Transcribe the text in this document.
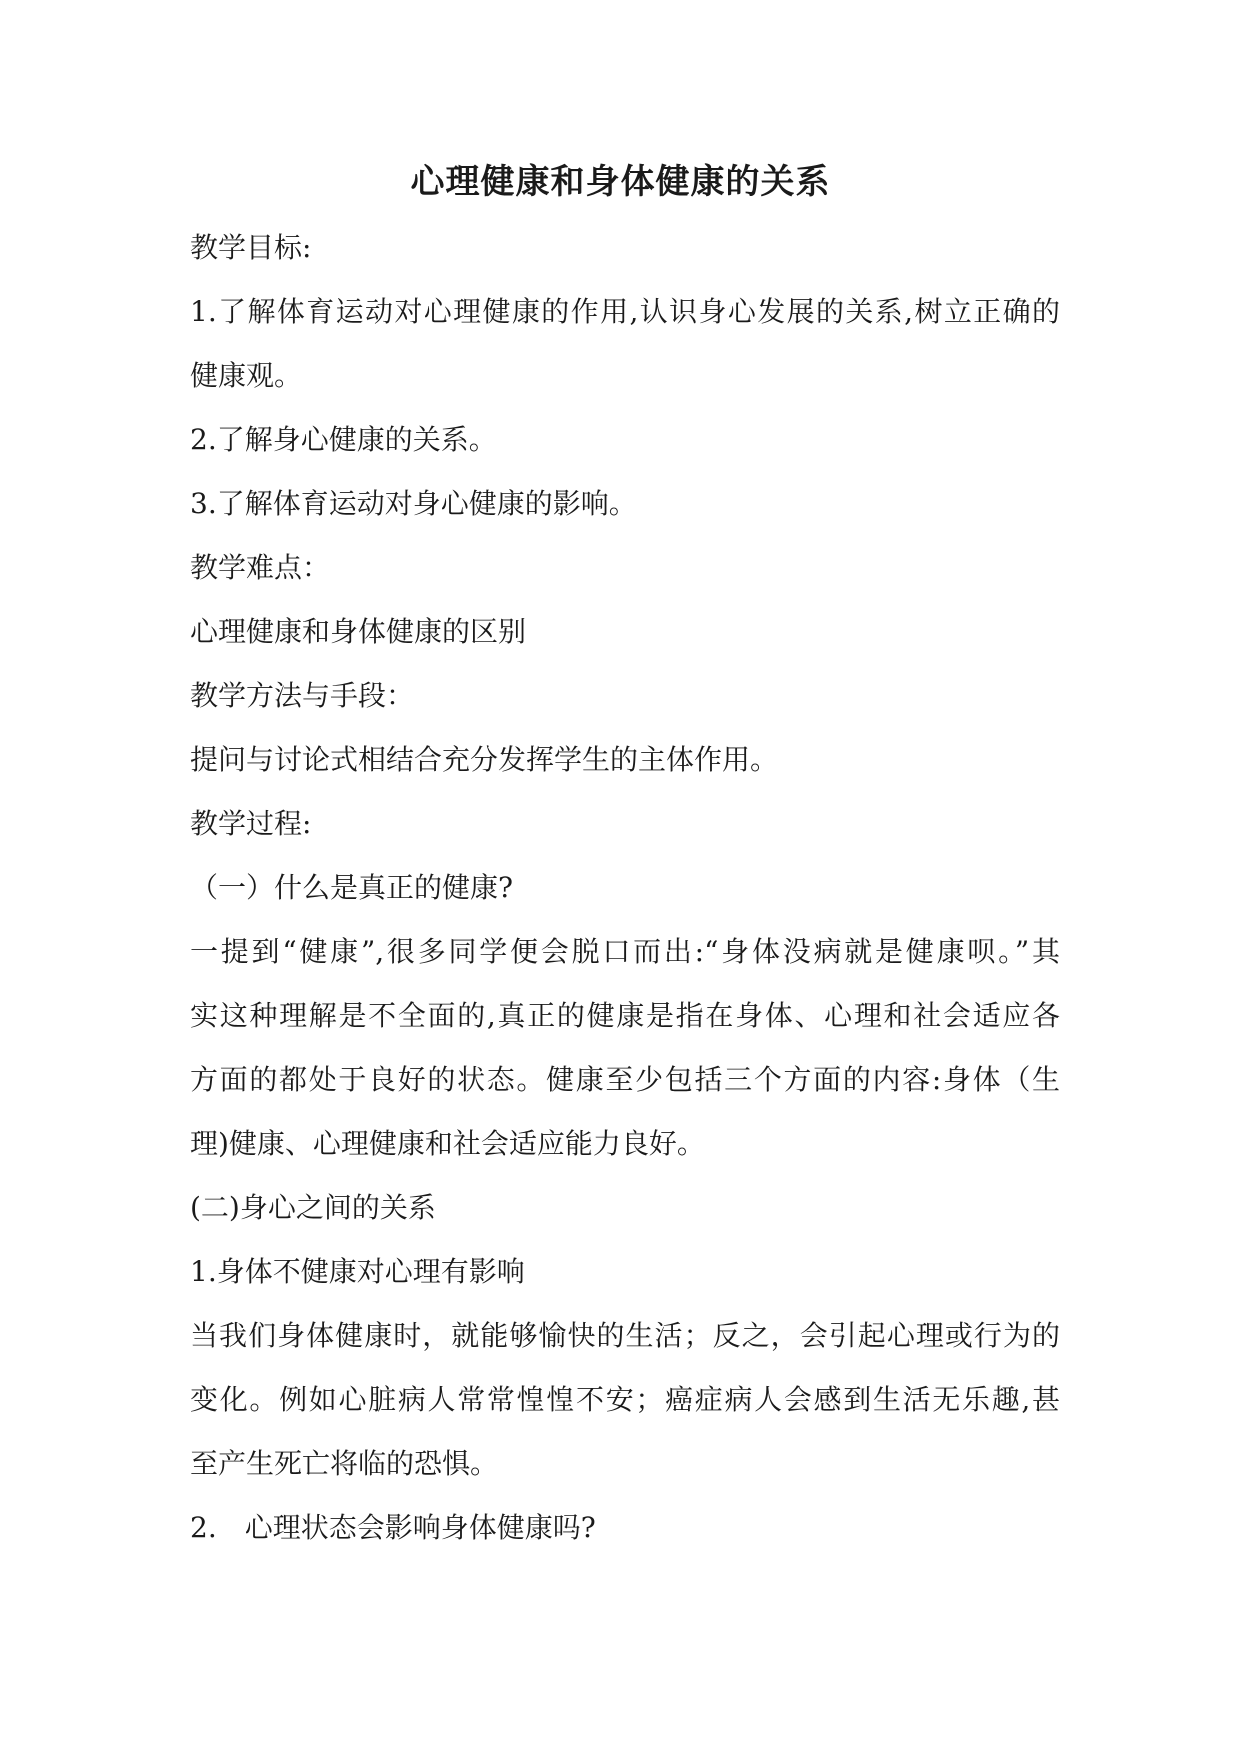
心理健康和身体健康的关系
教学目标:
1.了解体育运动对心理健康的作用,认识身心发展的关系,树立正确的
健康观。
2.了解身心健康的关系。
3.了解体育运动对身心健康的影响。
教学难点：
心理健康和身体健康的区别
教学方法与手段：
提问与讨论式相结合充分发挥学生的主体作用。
教学过程:
（一）什么是真正的健康?
一提到“健康”,很多同学便会脱口而出:“身体没病就是健康呗。”其
实这种理解是不全面的,真正的健康是指在身体、心理和社会适应各
方面的都处于良好的状态。健康至少包括三个方面的内容:身体（生
理)健康、心理健康和社会适应能力良好。
(二)身心之间的关系
1.身体不健康对心理有影响
当我们身体健康时，就能够愉快的生活；反之，会引起心理或行为的
变化。例如心脏病人常常惶惶不安；癌症病人会感到生活无乐趣,甚
至产生死亡将临的恐惧。
2.　心理状态会影响身体健康吗?
